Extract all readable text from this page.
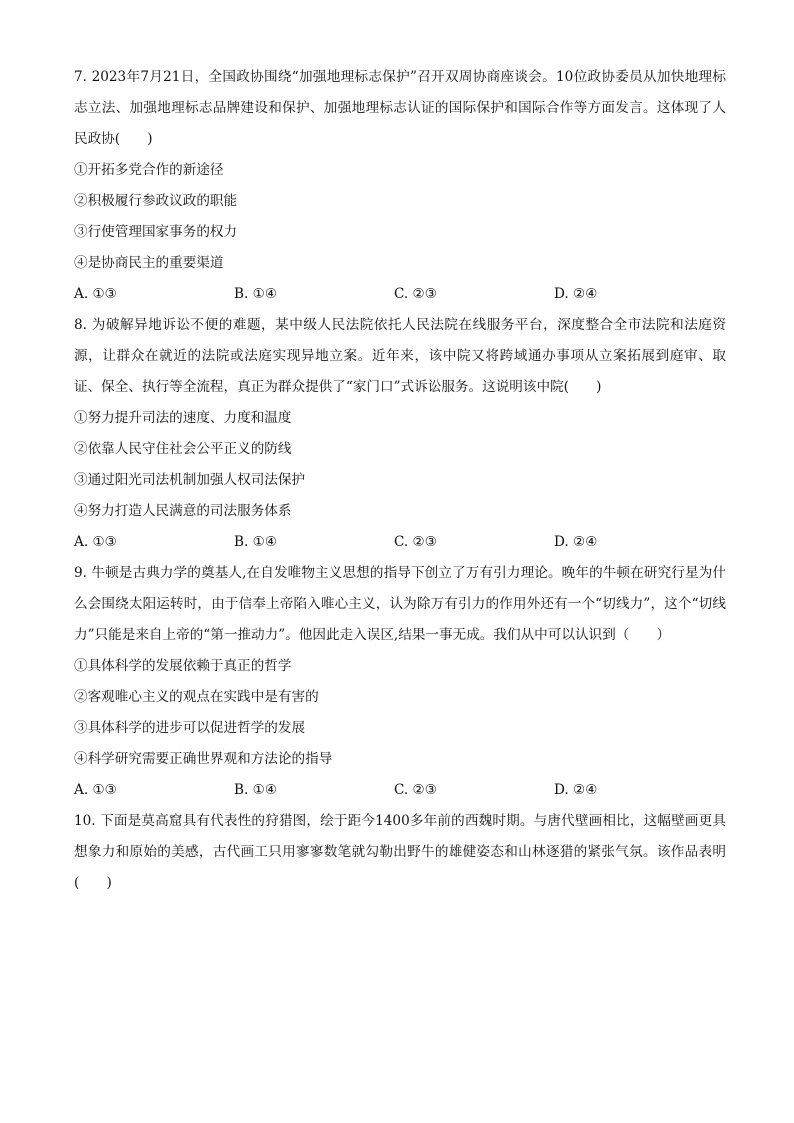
7. 2023年7月21日，全国政协围绕“加强地理标志保护”召开双周协商座谈会。10位政协委员从加快地理标志立法、加强地理标志品牌建设和保护、加强地理标志认证的国际保护和国际合作等方面发言。这体现了人民政协(　　)

①开拓多党合作的新途径

②积极履行参政议政的职能

③行使管理国家事务的权力

④是协商民主的重要渠道

A. ①③	B. ①④	C. ②③	D. ②④

8. 为破解异地诉讼不便的难题，某中级人民法院依托人民法院在线服务平台，深度整合全市法院和法庭资源，让群众在就近的法院或法庭实现异地立案。近年来，该中院又将跨域通办事项从立案拓展到庭审、取证、保全、执行等全流程，真正为群众提供了“家门口”式诉讼服务。这说明该中院(　　)

①努力提升司法的速度、力度和温度

②依靠人民守住社会公平正义的防线

③通过阳光司法机制加强人权司法保护

④努力打造人民满意的司法服务体系

A. ①③	B. ①④	C. ②③	D. ②④

9. 牛顿是古典力学的奠基人,在自发唯物主义思想的指导下创立了万有引力理论。晚年的牛顿在研究行星为什么会围绕太阳运转时，由于信奉上帝陷入唯心主义，认为除万有引力的作用外还有一个“切线力”，这个“切线力”只能是来自上帝的“第一推动力”。他因此走入误区,结果一事无成。我们从中可以认识到（　　）

①具体科学的发展依赖于真正的哲学

②客观唯心主义的观点在实践中是有害的

③具体科学的进步可以促进哲学的发展

④科学研究需要正确世界观和方法论的指导

A. ①③	B. ①④	C. ②③	D. ②④

10. 下面是莫高窟具有代表性的狩猎图，绘于距今1400多年前的西魏时期。与唐代壁画相比，这幅壁画更具想象力和原始的美感，古代画工只用寥寥数笔就勾勒出野牛的雄健姿态和山林逐猎的紧张气氛。该作品表明(　　)
